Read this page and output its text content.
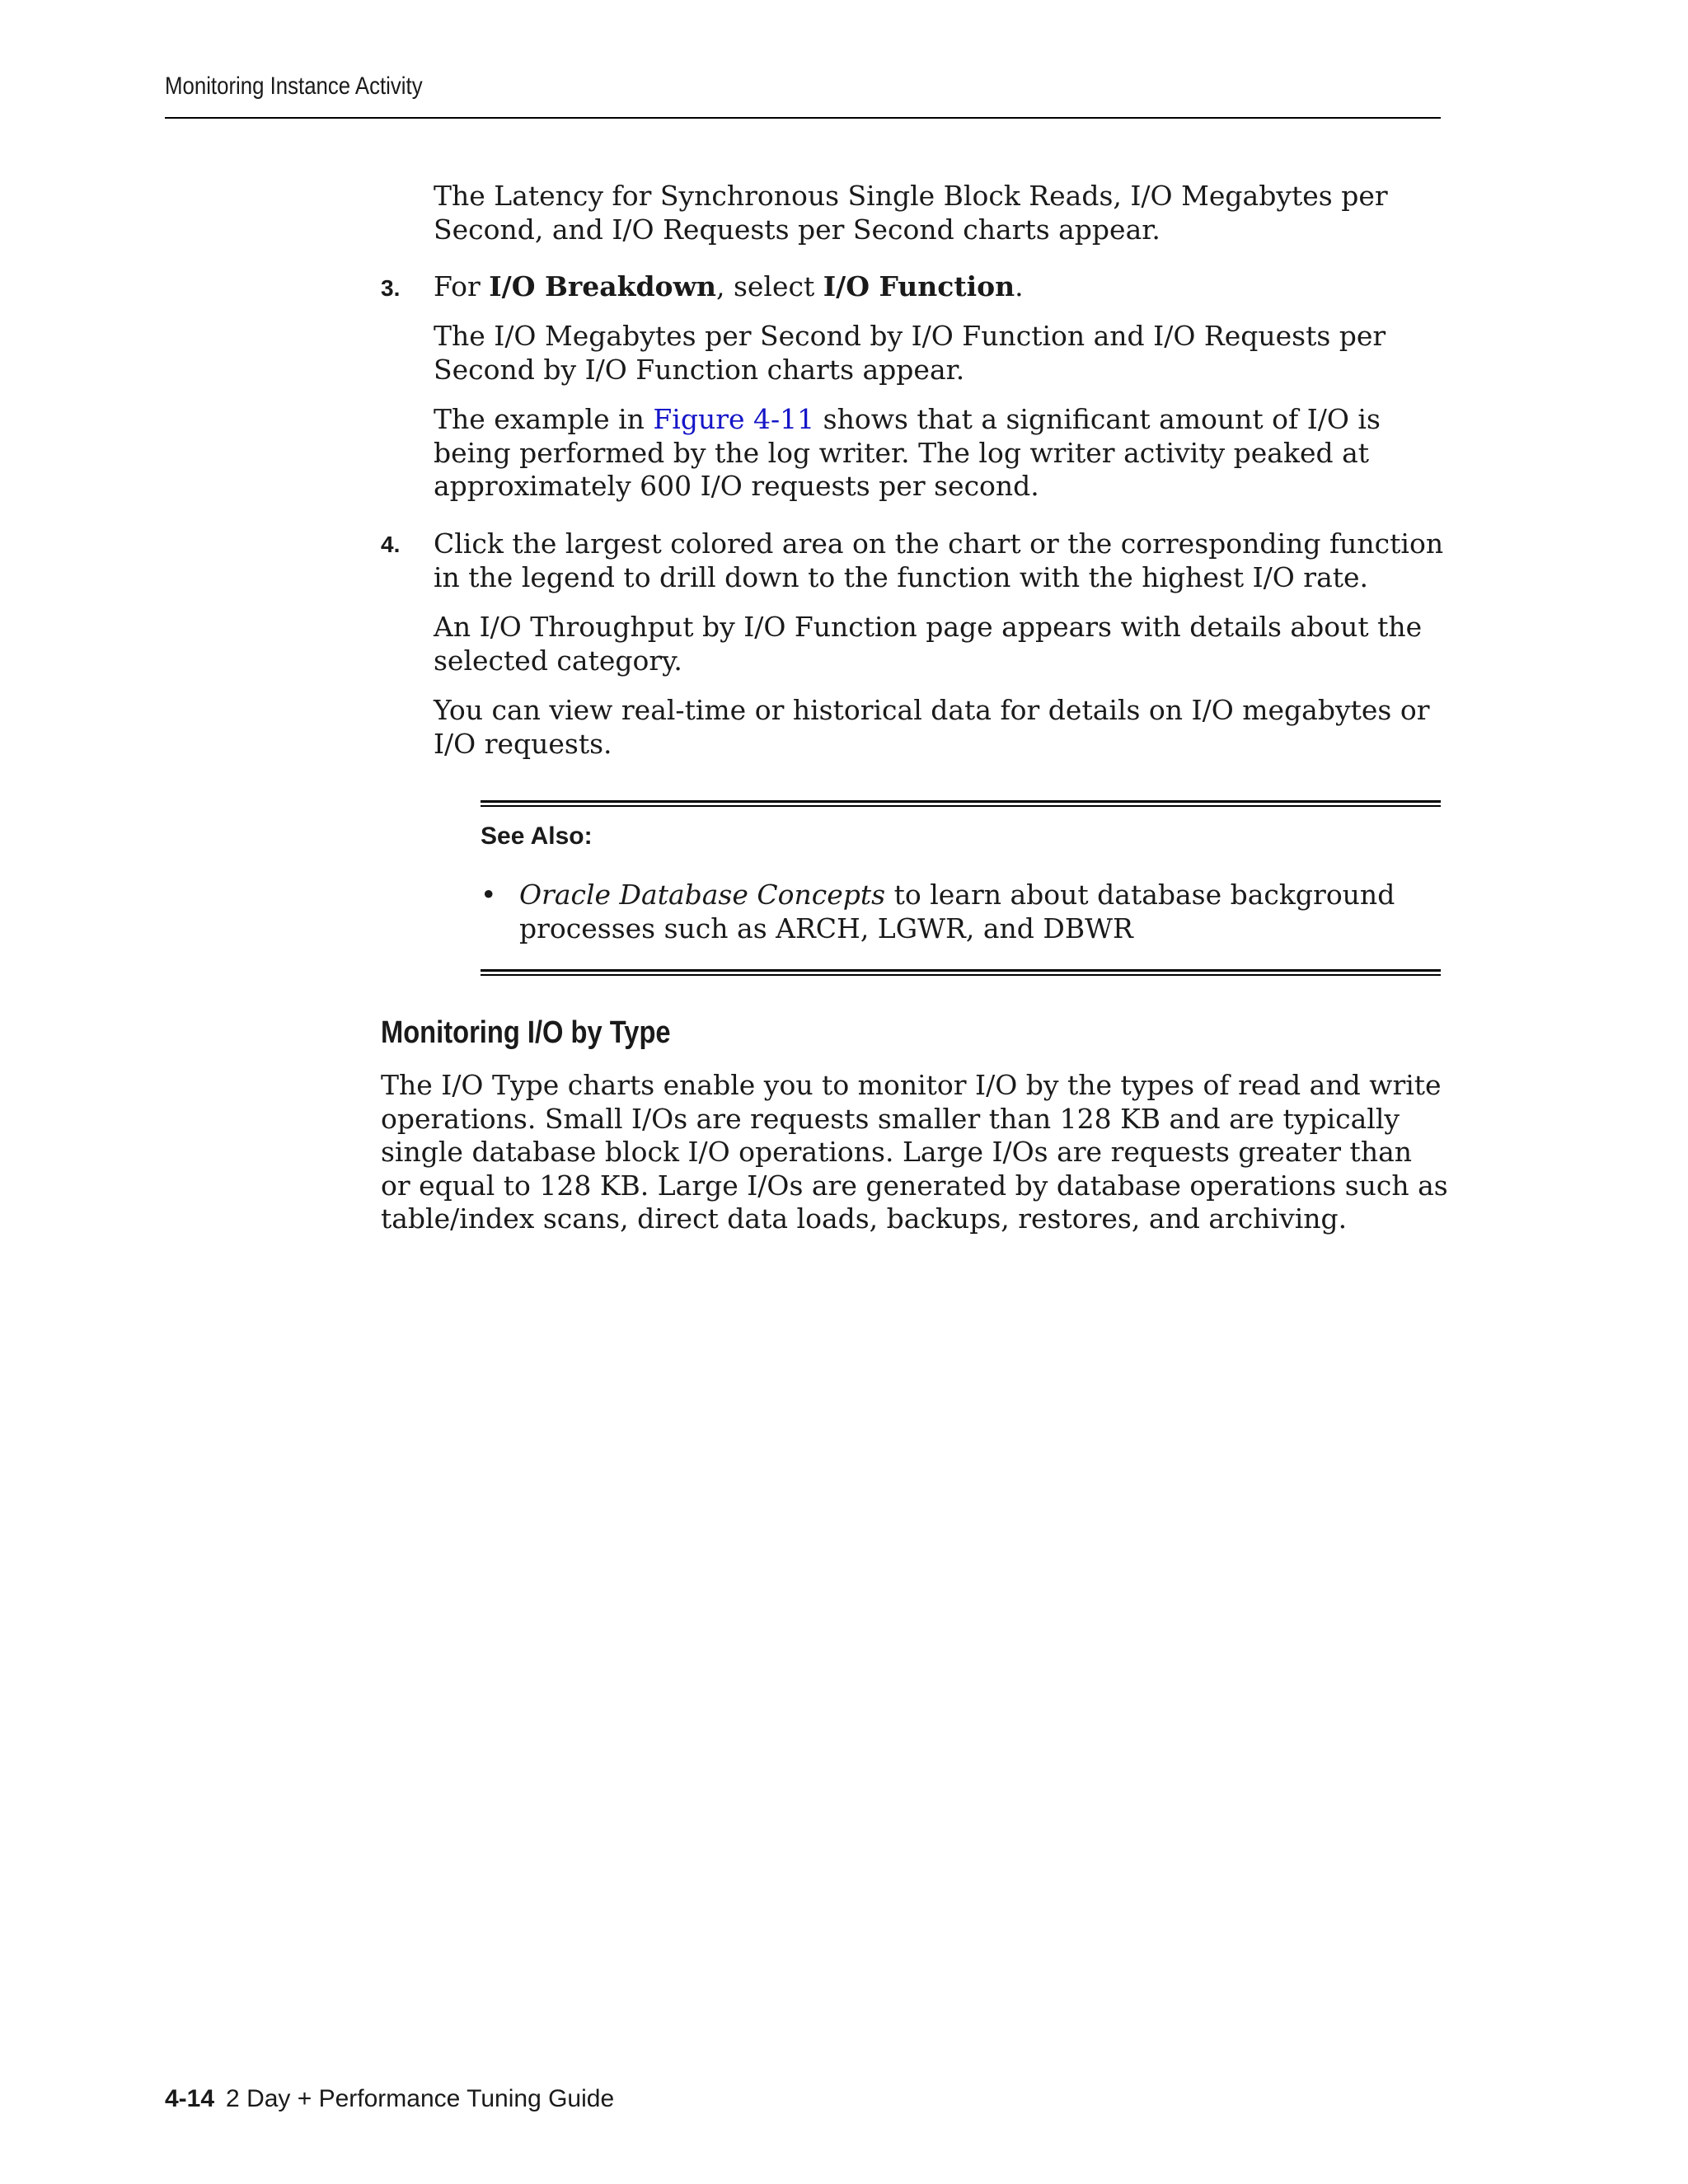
Monitoring Instance Activity

The Latency for Synchronous Single Block Reads, I/O Megabytes per Second, and I/O Requests per Second charts appear.

3. For I/O Breakdown, select I/O Function.

The I/O Megabytes per Second by I/O Function and I/O Requests per Second by I/O Function charts appear.

The example in Figure 4-11 shows that a significant amount of I/O is being performed by the log writer. The log writer activity peaked at approximately 600 I/O requests per second.

4. Click the largest colored area on the chart or the corresponding function in the legend to drill down to the function with the highest I/O rate.

An I/O Throughput by I/O Function page appears with details about the selected category.

You can view real-time or historical data for details on I/O megabytes or I/O requests.

See Also:
• Oracle Database Concepts to learn about database background processes such as ARCH, LGWR, and DBWR
Monitoring I/O by Type
The I/O Type charts enable you to monitor I/O by the types of read and write operations. Small I/Os are requests smaller than 128 KB and are typically single database block I/O operations. Large I/Os are requests greater than or equal to 128 KB. Large I/Os are generated by database operations such as table/index scans, direct data loads, backups, restores, and archiving.
4-14 2 Day + Performance Tuning Guide
